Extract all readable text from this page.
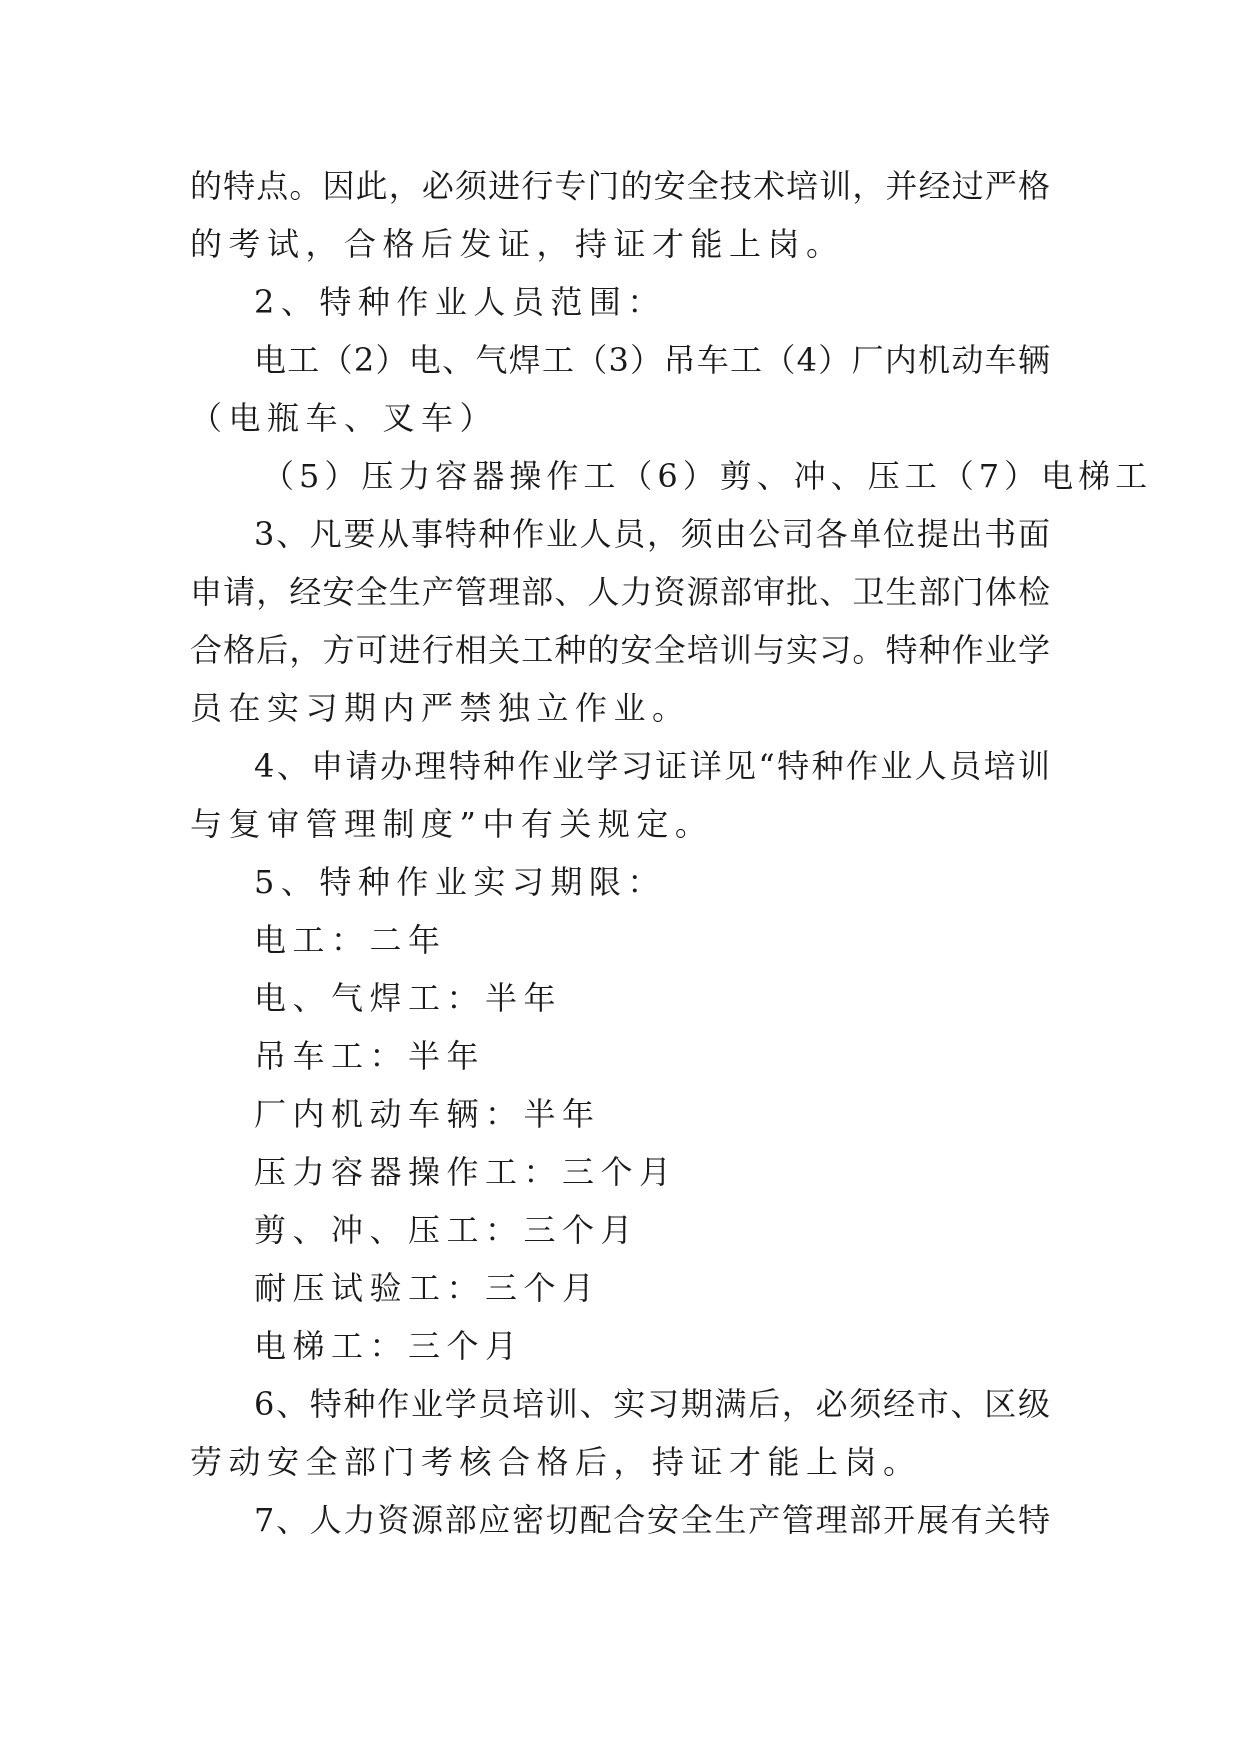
的特点。因此，必须进行专门的安全技术培训，并经过严格
的考试，合格后发证，持证才能上岗。
2、特种作业人员范围：
电工（2）电、气焊工（3）吊车工（4）厂内机动车辆
（电瓶车、叉车）
（5）压力容器操作工（6）剪、冲、压工（7）电梯工
3、凡要从事特种作业人员，须由公司各单位提出书面
申请，经安全生产管理部、人力资源部审批、卫生部门体检
合格后，方可进行相关工种的安全培训与实习。特种作业学
员在实习期内严禁独立作业。
4、申请办理特种作业学习证详见“特种作业人员培训
与复审管理制度”中有关规定。
5、特种作业实习期限：
电工：二年
电、气焊工：半年
吊车工：半年
厂内机动车辆：半年
压力容器操作工：三个月
剪、冲、压工：三个月
耐压试验工：三个月
电梯工：三个月
6、特种作业学员培训、实习期满后，必须经市、区级
劳动安全部门考核合格后，持证才能上岗。
7、人力资源部应密切配合安全生产管理部开展有关特
